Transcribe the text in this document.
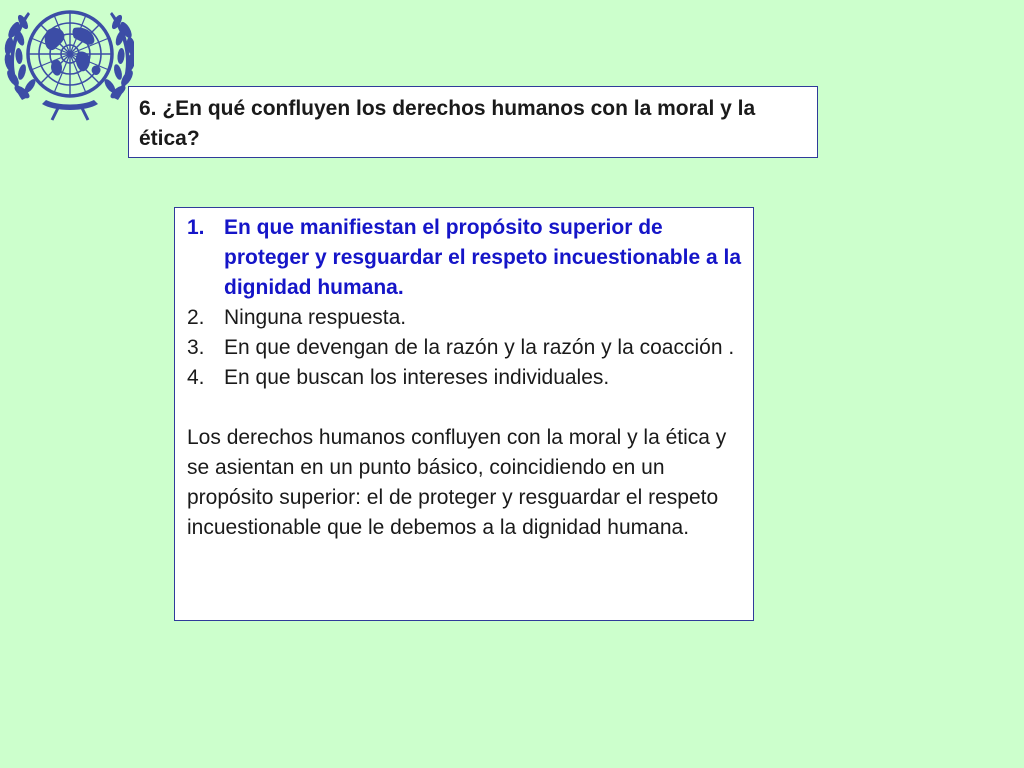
6. ¿En qué confluyen los derechos humanos con la moral y la ética?

1. En que manifiestan el propósito superior de proteger y resguardar el respeto incuestionable a la dignidad humana.
2. Ninguna respuesta.
3. En que devengan de la razón y la razón y la coacción .
4. En que buscan los intereses individuales.

Los derechos humanos confluyen con la moral y la ética y se asientan en un punto básico, coincidiendo en un propósito superior: el de proteger y resguardar el respeto incuestionable que le debemos a la dignidad humana.
